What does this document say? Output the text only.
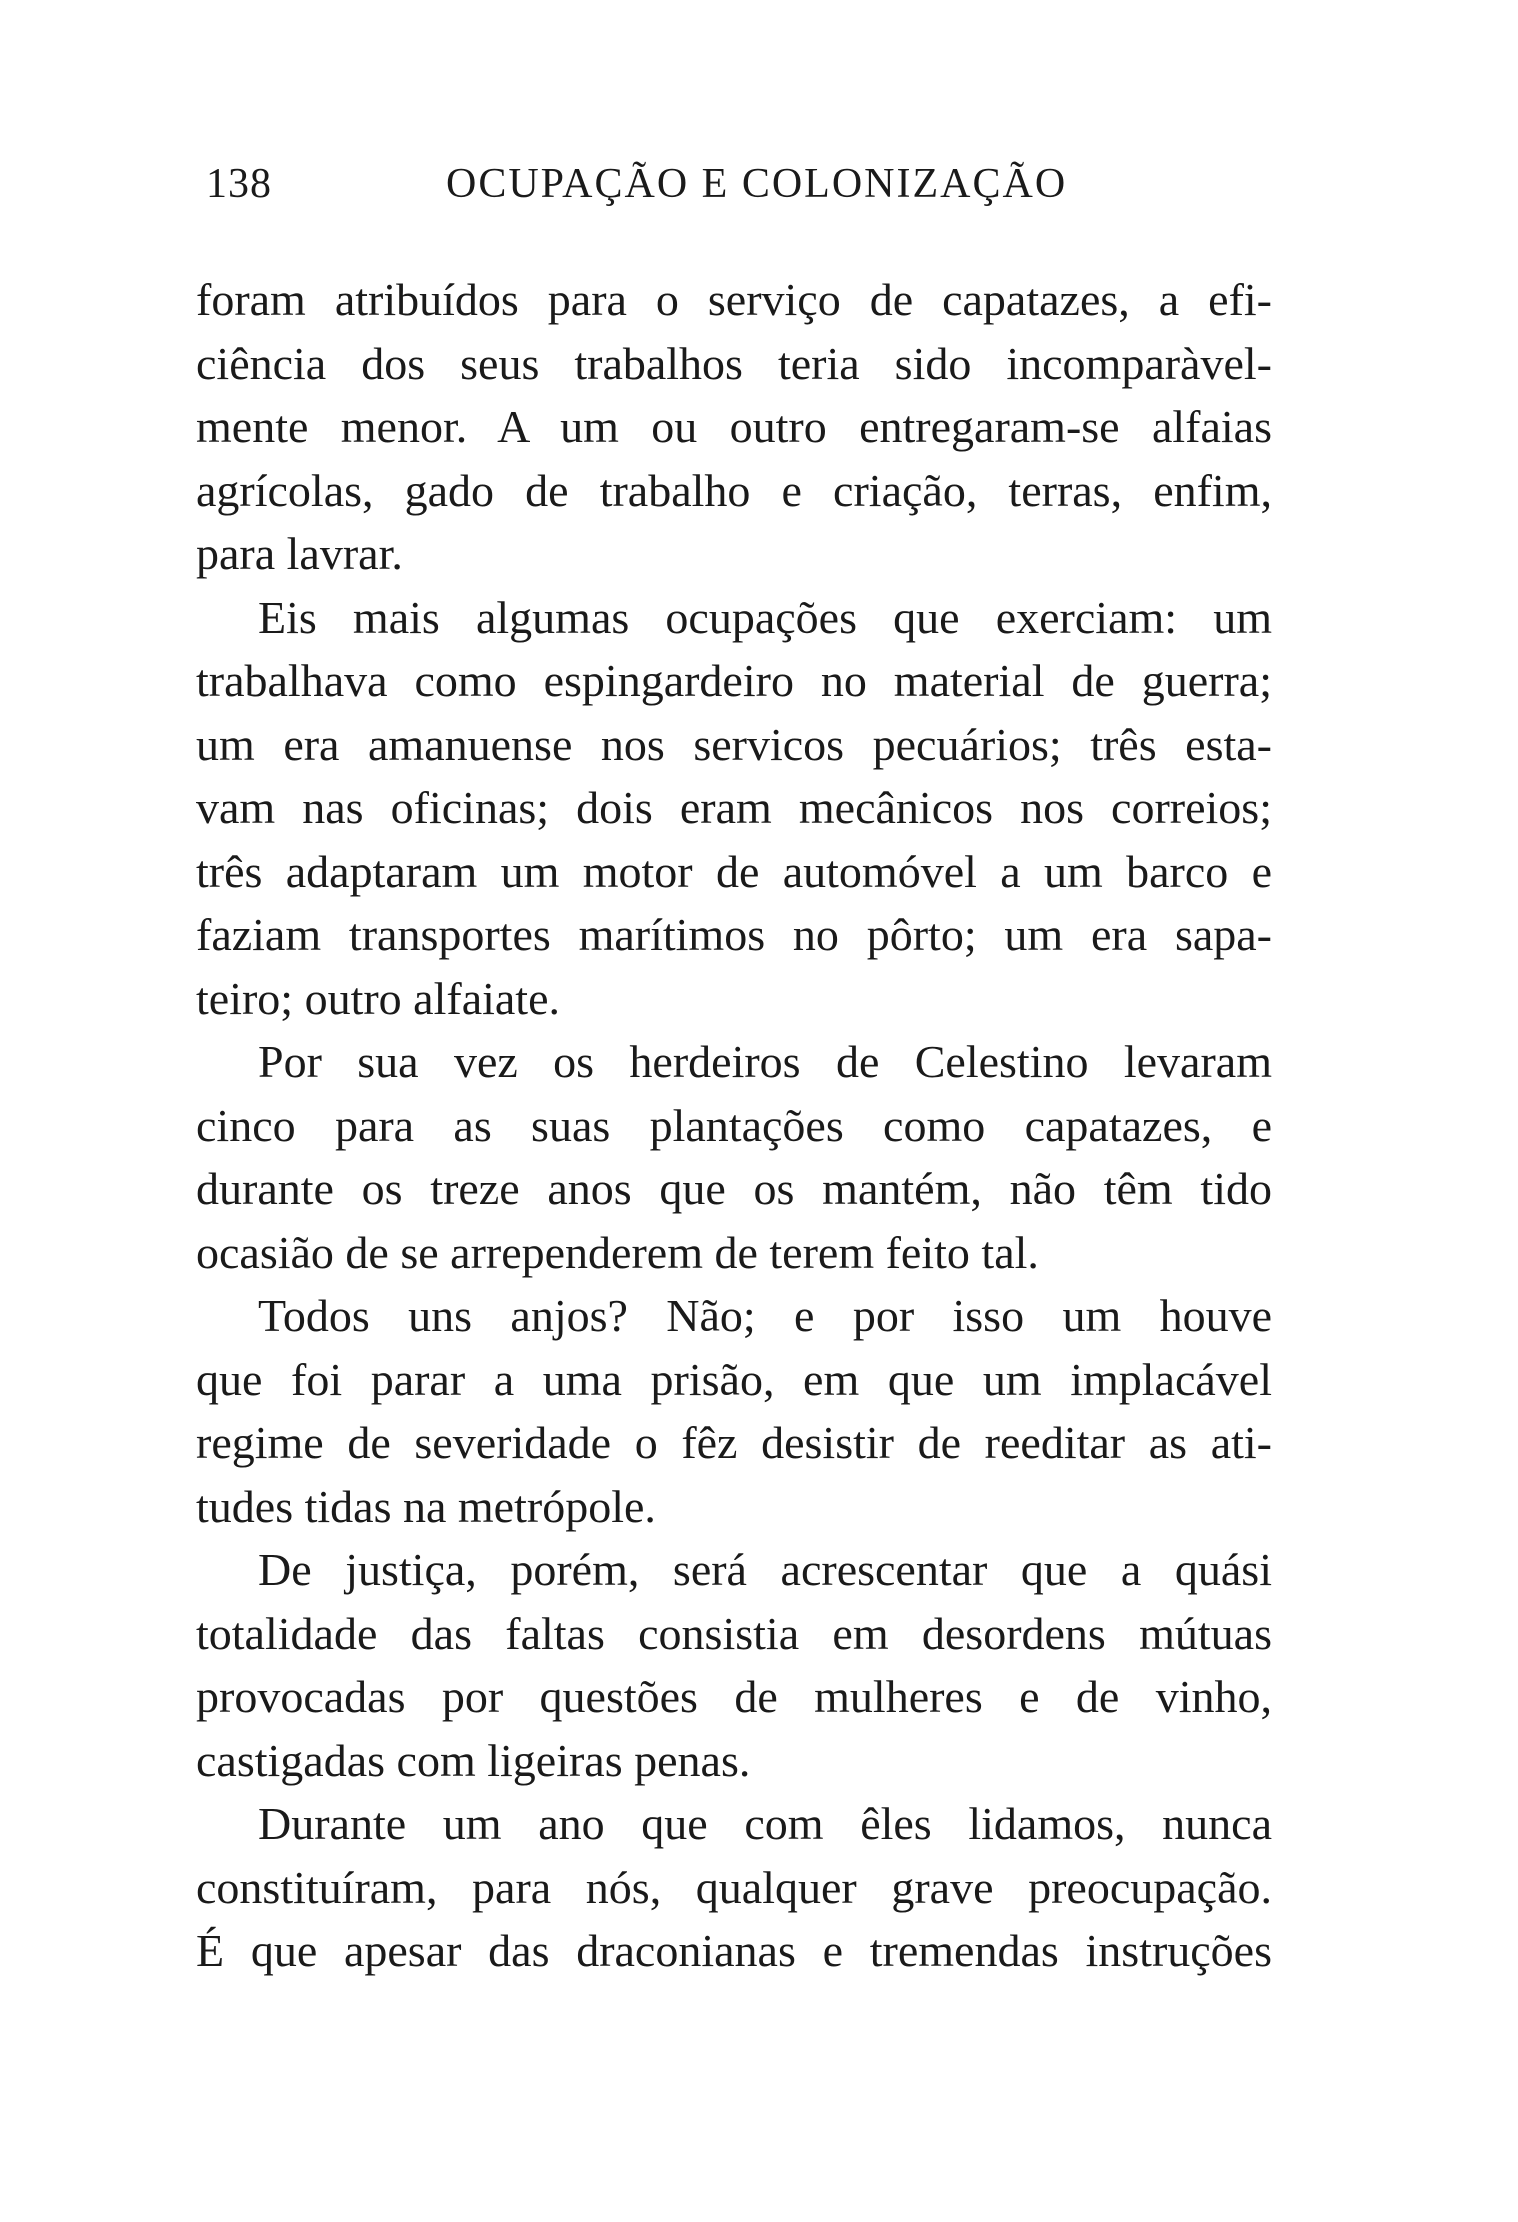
138	OCUPAÇÃO E COLONIZAÇÃO
foram atribuídos para o serviço de capatazes, a efi-
ciência dos seus trabalhos teria sido incomparàvel-
mente menor. A um ou outro entregaram-se alfaias
agrícolas, gado de trabalho e criação, terras, enfim,
para lavrar.
Eis mais algumas ocupações que exerciam: um
trabalhava como espingardeiro no material de guerra;
um era amanuense nos servicos pecuários; três esta-
vam nas oficinas; dois eram mecânicos nos correios;
três adaptaram um motor de automóvel a um barco e
faziam transportes marítimos no pôrto; um era sapa-
teiro; outro alfaiate.
Por sua vez os herdeiros de Celestino levaram
cinco para as suas plantações como capatazes, e
durante os treze anos que os mantém, não têm tido
ocasião de se arrependerem de terem feito tal.
Todos uns anjos? Não; e por isso um houve
que foi parar a uma prisão, em que um implacável
regime de severidade o fêz desistir de reeditar as ati-
tudes tidas na metrópole.
De justiça, porém, será acrescentar que a quási
totalidade das faltas consistia em desordens mútuas
provocadas por questões de mulheres e de vinho,
castigadas com ligeiras penas.
Durante um ano que com êles lidamos, nunca
constituíram, para nós, qualquer grave preocupação.
É que apesar das draconianas e tremendas instruções
